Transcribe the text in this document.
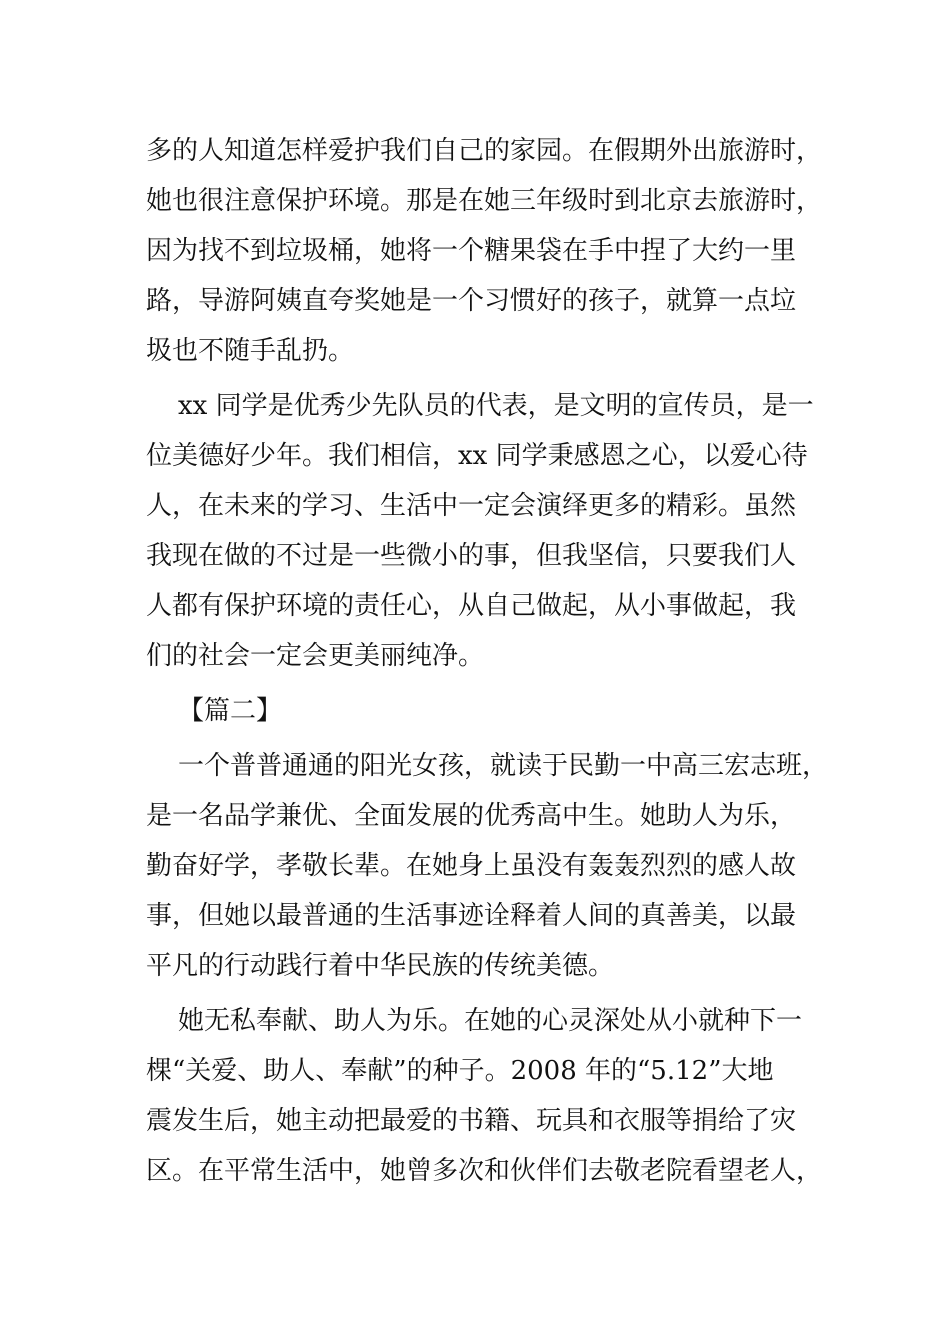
多的人知道怎样爱护我们自己的家园。在假期外出旅游时，
她也很注意保护环境。那是在她三年级时到北京去旅游时，
因为找不到垃圾桶，她将一个糖果袋在手中捏了大约一里
路，导游阿姨直夸奖她是一个习惯好的孩子，就算一点垃
圾也不随手乱扔。
xx 同学是优秀少先队员的代表，是文明的宣传员，是一
位美德好少年。我们相信，xx 同学秉感恩之心，以爱心待
人，在未来的学习、生活中一定会演绎更多的精彩。虽然
我现在做的不过是一些微小的事，但我坚信，只要我们人
人都有保护环境的责任心，从自己做起，从小事做起，我
们的社会一定会更美丽纯净。
【篇二】
一个普普通通的阳光女孩，就读于民勤一中高三宏志班，
是一名品学兼优、全面发展的优秀高中生。她助人为乐，
勤奋好学，孝敬长辈。在她身上虽没有轰轰烈烈的感人故
事，但她以最普通的生活事迹诠释着人间的真善美，以最
平凡的行动践行着中华民族的传统美德。
她无私奉献、助人为乐。在她的心灵深处从小就种下一
棵“关爱、助人、奉献”的种子。2008 年的“5.12”大地
震发生后，她主动把最爱的书籍、玩具和衣服等捐给了灾
区。在平常生活中，她曾多次和伙伴们去敬老院看望老人，
